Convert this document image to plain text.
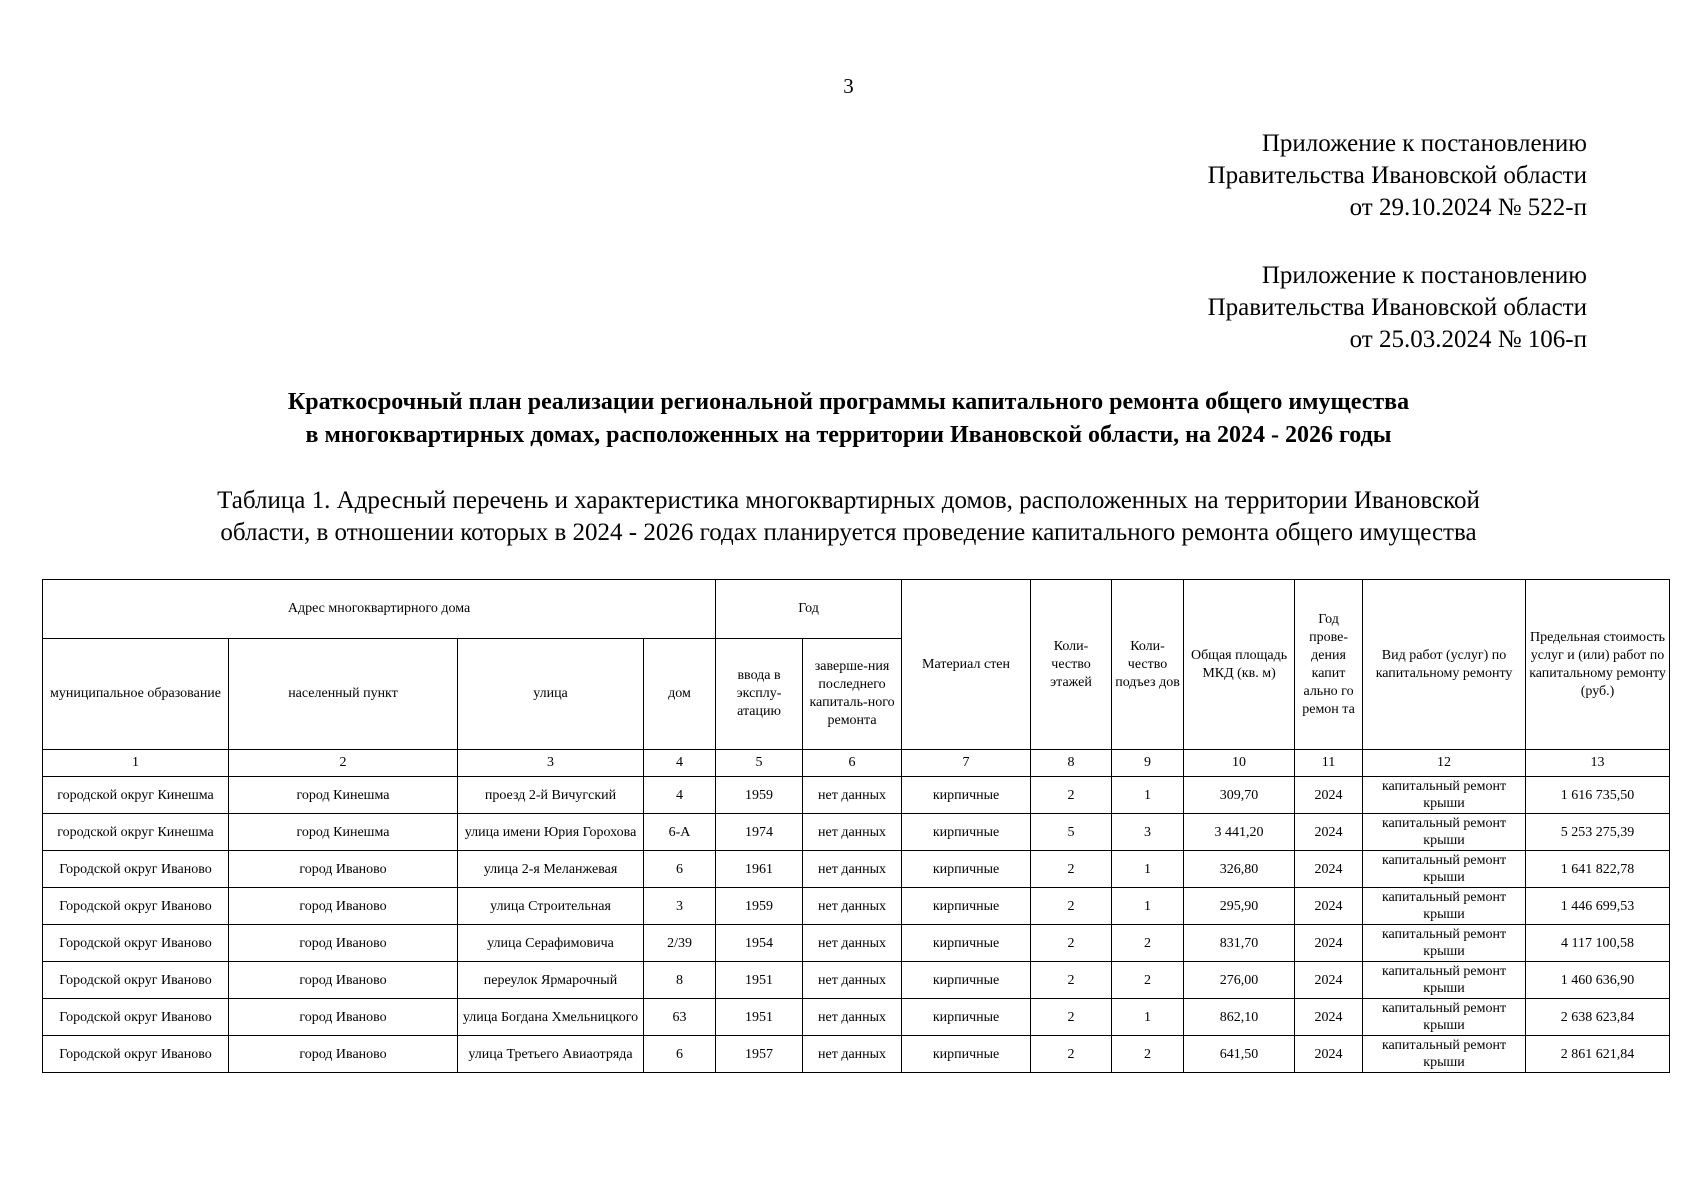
3
Приложение к постановлению
Правительства Ивановской области
от 29.10.2024 № 522-п
Приложение к постановлению
Правительства Ивановской области
от 25.03.2024 № 106-п
Краткосрочный план реализации региональной программы капитального ремонта общего имущества
в многоквартирных домах, расположенных на территории Ивановской области, на 2024 - 2026 годы
Таблица 1. Адресный перечень и характеристика многоквартирных домов, расположенных на территории Ивановской
области, в отношении которых в 2024 - 2026 годах планируется проведение капитального ремонта общего имущества
Адрес многоквартирного дома				Год		Материал стен	Коли-чество этажей	Коли-чество подъез дов	Общая площадь МКД (кв. м)	Год прове-дения капит ально го ремон та	Вид работ (услуг) по капитальному ремонту	Предельная стоимость услуг и (или) работ по капитальному ремонту (руб.)
муниципальное образование	населенный пункт	улица	дом	ввода в эксплу-атацию	заверше-ния последнего капиталь-ного ремонта							
1	2	3	4	5	6	7	8	9	10	11	12	13
городской округ Кинешма	город Кинешма	проезд 2-й Вичугский	4	1959	нет данных	кирпичные	2	1	309,70	2024	капитальный ремонт крыши	1 616 735,50
городской округ Кинешма	город Кинешма	улица имени Юрия Горохова	6-А	1974	нет данных	кирпичные	5	3	3 441,20	2024	капитальный ремонт крыши	5 253 275,39
Городской округ Иваново	город Иваново	улица 2-я Меланжевая	6	1961	нет данных	кирпичные	2	1	326,80	2024	капитальный ремонт крыши	1 641 822,78
Городской округ Иваново	город Иваново	улица Строительная	3	1959	нет данных	кирпичные	2	1	295,90	2024	капитальный ремонт крыши	1 446 699,53
Городской округ Иваново	город Иваново	улица Серафимовича	2/39	1954	нет данных	кирпичные	2	2	831,70	2024	капитальный ремонт крыши	4 117 100,58
Городской округ Иваново	город Иваново	переулок Ярмарочный	8	1951	нет данных	кирпичные	2	2	276,00	2024	капитальный ремонт крыши	1 460 636,90
Городской округ Иваново	город Иваново	улица Богдана Хмельницкого	63	1951	нет данных	кирпичные	2	1	862,10	2024	капитальный ремонт крыши	2 638 623,84
Городской округ Иваново	город Иваново	улица Третьего Авиаотряда	6	1957	нет данных	кирпичные	2	2	641,50	2024	капитальный ремонт крыши	2 861 621,84
